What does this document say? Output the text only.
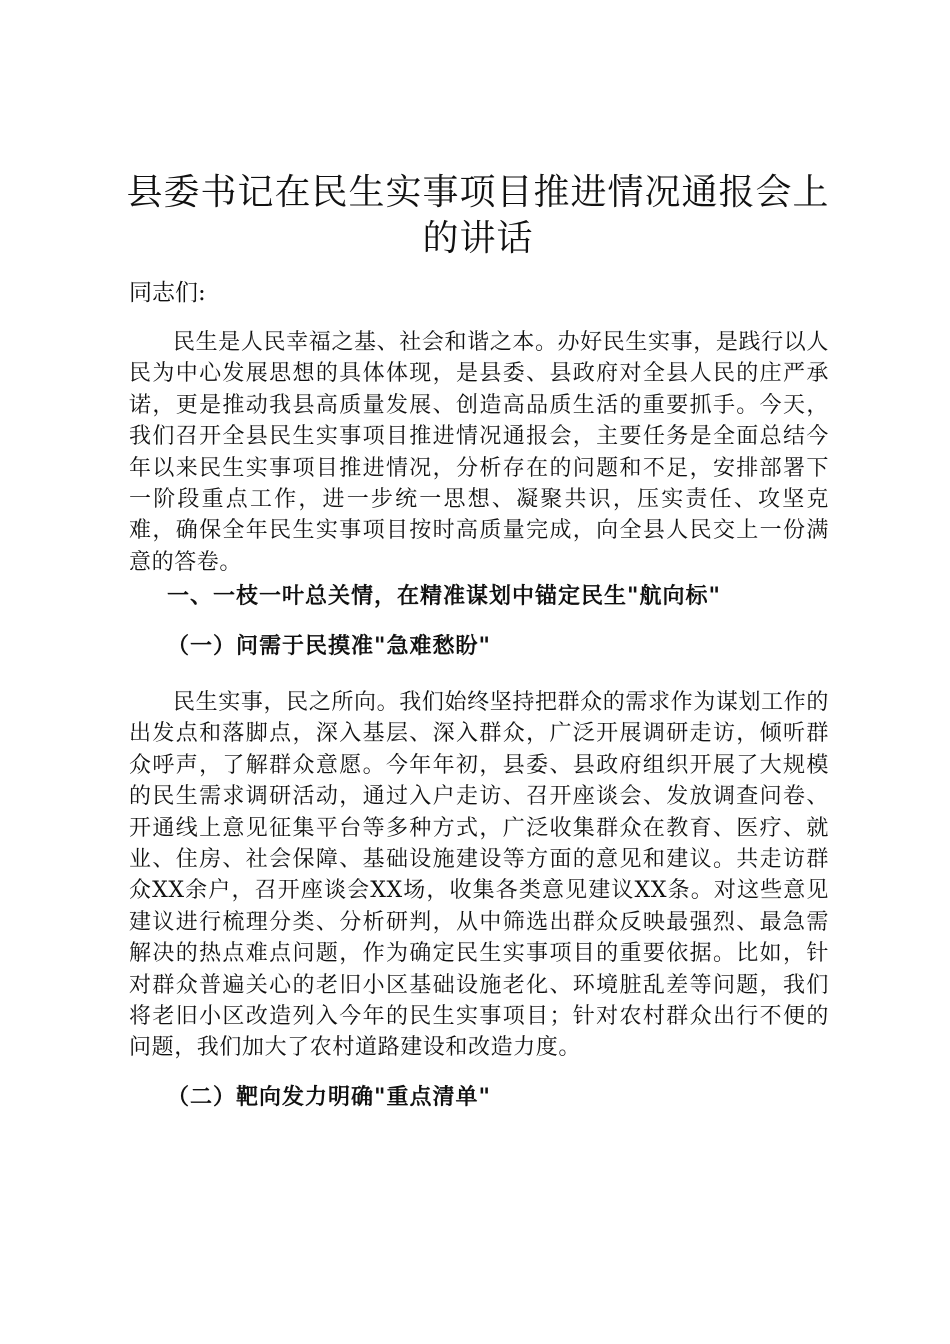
县委书记在民生实事项目推进情况通报会上的讲话

同志们:

民生是人民幸福之基、社会和谐之本。办好民生实事，是践行以人民为中心发展思想的具体体现，是县委、县政府对全县人民的庄严承诺，更是推动我县高质量发展、创造高品质生活的重要抓手。今天，我们召开全县民生实事项目推进情况通报会，主要任务是全面总结今年以来民生实事项目推进情况，分析存在的问题和不足，安排部署下一阶段重点工作，进一步统一思想、凝聚共识，压实责任、攻坚克难，确保全年民生实事项目按时高质量完成，向全县人民交上一份满意的答卷。

一、一枝一叶总关情，在精准谋划中锚定民生"航向标"

（一）问需于民摸准"急难愁盼"

民生实事，民之所向。我们始终坚持把群众的需求作为谋划工作的出发点和落脚点，深入基层、深入群众，广泛开展调研走访，倾听群众呼声，了解群众意愿。今年年初，县委、县政府组织开展了大规模的民生需求调研活动，通过入户走访、召开座谈会、发放调查问卷、开通线上意见征集平台等多种方式，广泛收集群众在教育、医疗、就业、住房、社会保障、基础设施建设等方面的意见和建议。共走访群众XX余户，召开座谈会XX场，收集各类意见建议XX条。对这些意见建议进行梳理分类、分析研判，从中筛选出群众反映最强烈、最急需解决的热点难点问题，作为确定民生实事项目的重要依据。比如，针对群众普遍关心的老旧小区基础设施老化、环境脏乱差等问题，我们将老旧小区改造列入今年的民生实事项目；针对农村群众出行不便的问题，我们加大了农村道路建设和改造力度。

（二）靶向发力明确"重点清单"
